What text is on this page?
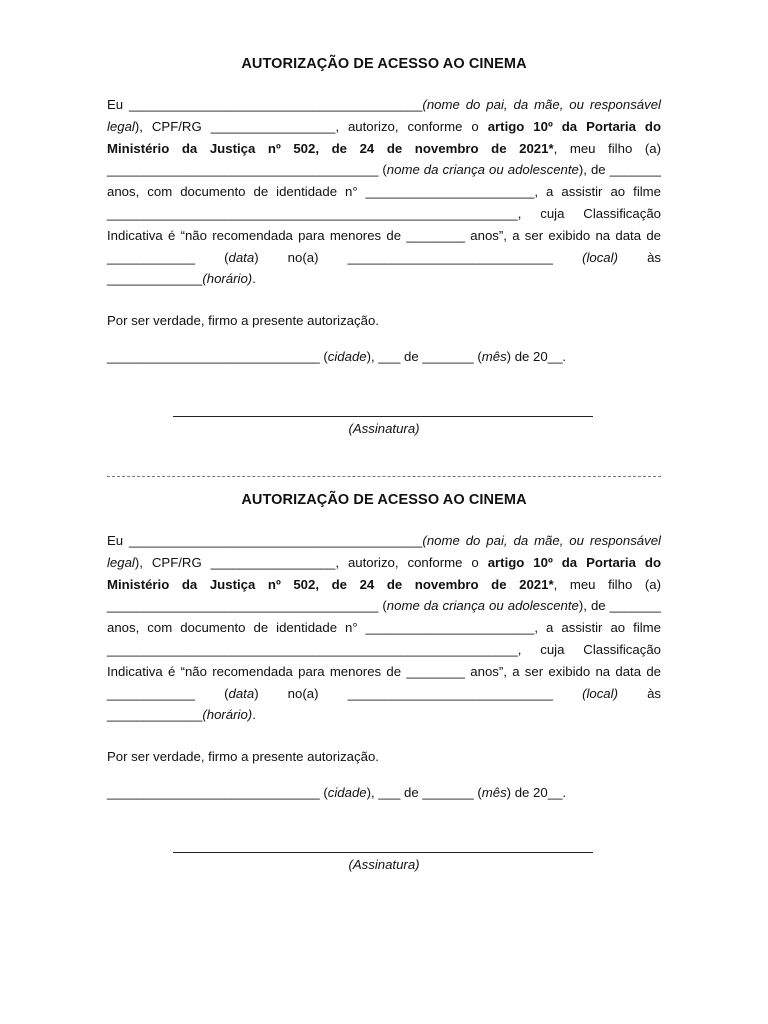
AUTORIZAÇÃO DE ACESSO AO CINEMA

Eu ________________________________________(nome do pai, da mãe, ou responsável legal), CPF/RG _________________, autorizo, conforme o artigo 10º da Portaria do Ministério da Justiça nº 502, de 24 de novembro de 2021*, meu filho (a) _____________________________________ (nome da criança ou adolescente), de _______ anos, com documento de identidade n° _______________________, a assistir ao filme ________________________________________________________, cuja Classificação Indicativa é “não recomendada para menores de ________ anos”, a ser exibido na data de ____________ (data) no(a) ____________________________ (local) às _____________(horário).

Por ser verdade, firmo a presente autorização.

_____________________________ (cidade), ___ de _______ (mês) de 20__.

(Assinatura)
AUTORIZAÇÃO DE ACESSO AO CINEMA

Eu ________________________________________(nome do pai, da mãe, ou responsável legal), CPF/RG _________________, autorizo, conforme o artigo 10º da Portaria do Ministério da Justiça nº 502, de 24 de novembro de 2021*, meu filho (a) _____________________________________ (nome da criança ou adolescente), de _______ anos, com documento de identidade n° _______________________, a assistir ao filme ________________________________________________________, cuja Classificação Indicativa é “não recomendada para menores de ________ anos”, a ser exibido na data de ____________ (data) no(a) ____________________________ (local) às _____________(horário).

Por ser verdade, firmo a presente autorização.

_____________________________ (cidade), ___ de _______ (mês) de 20__.

(Assinatura)
